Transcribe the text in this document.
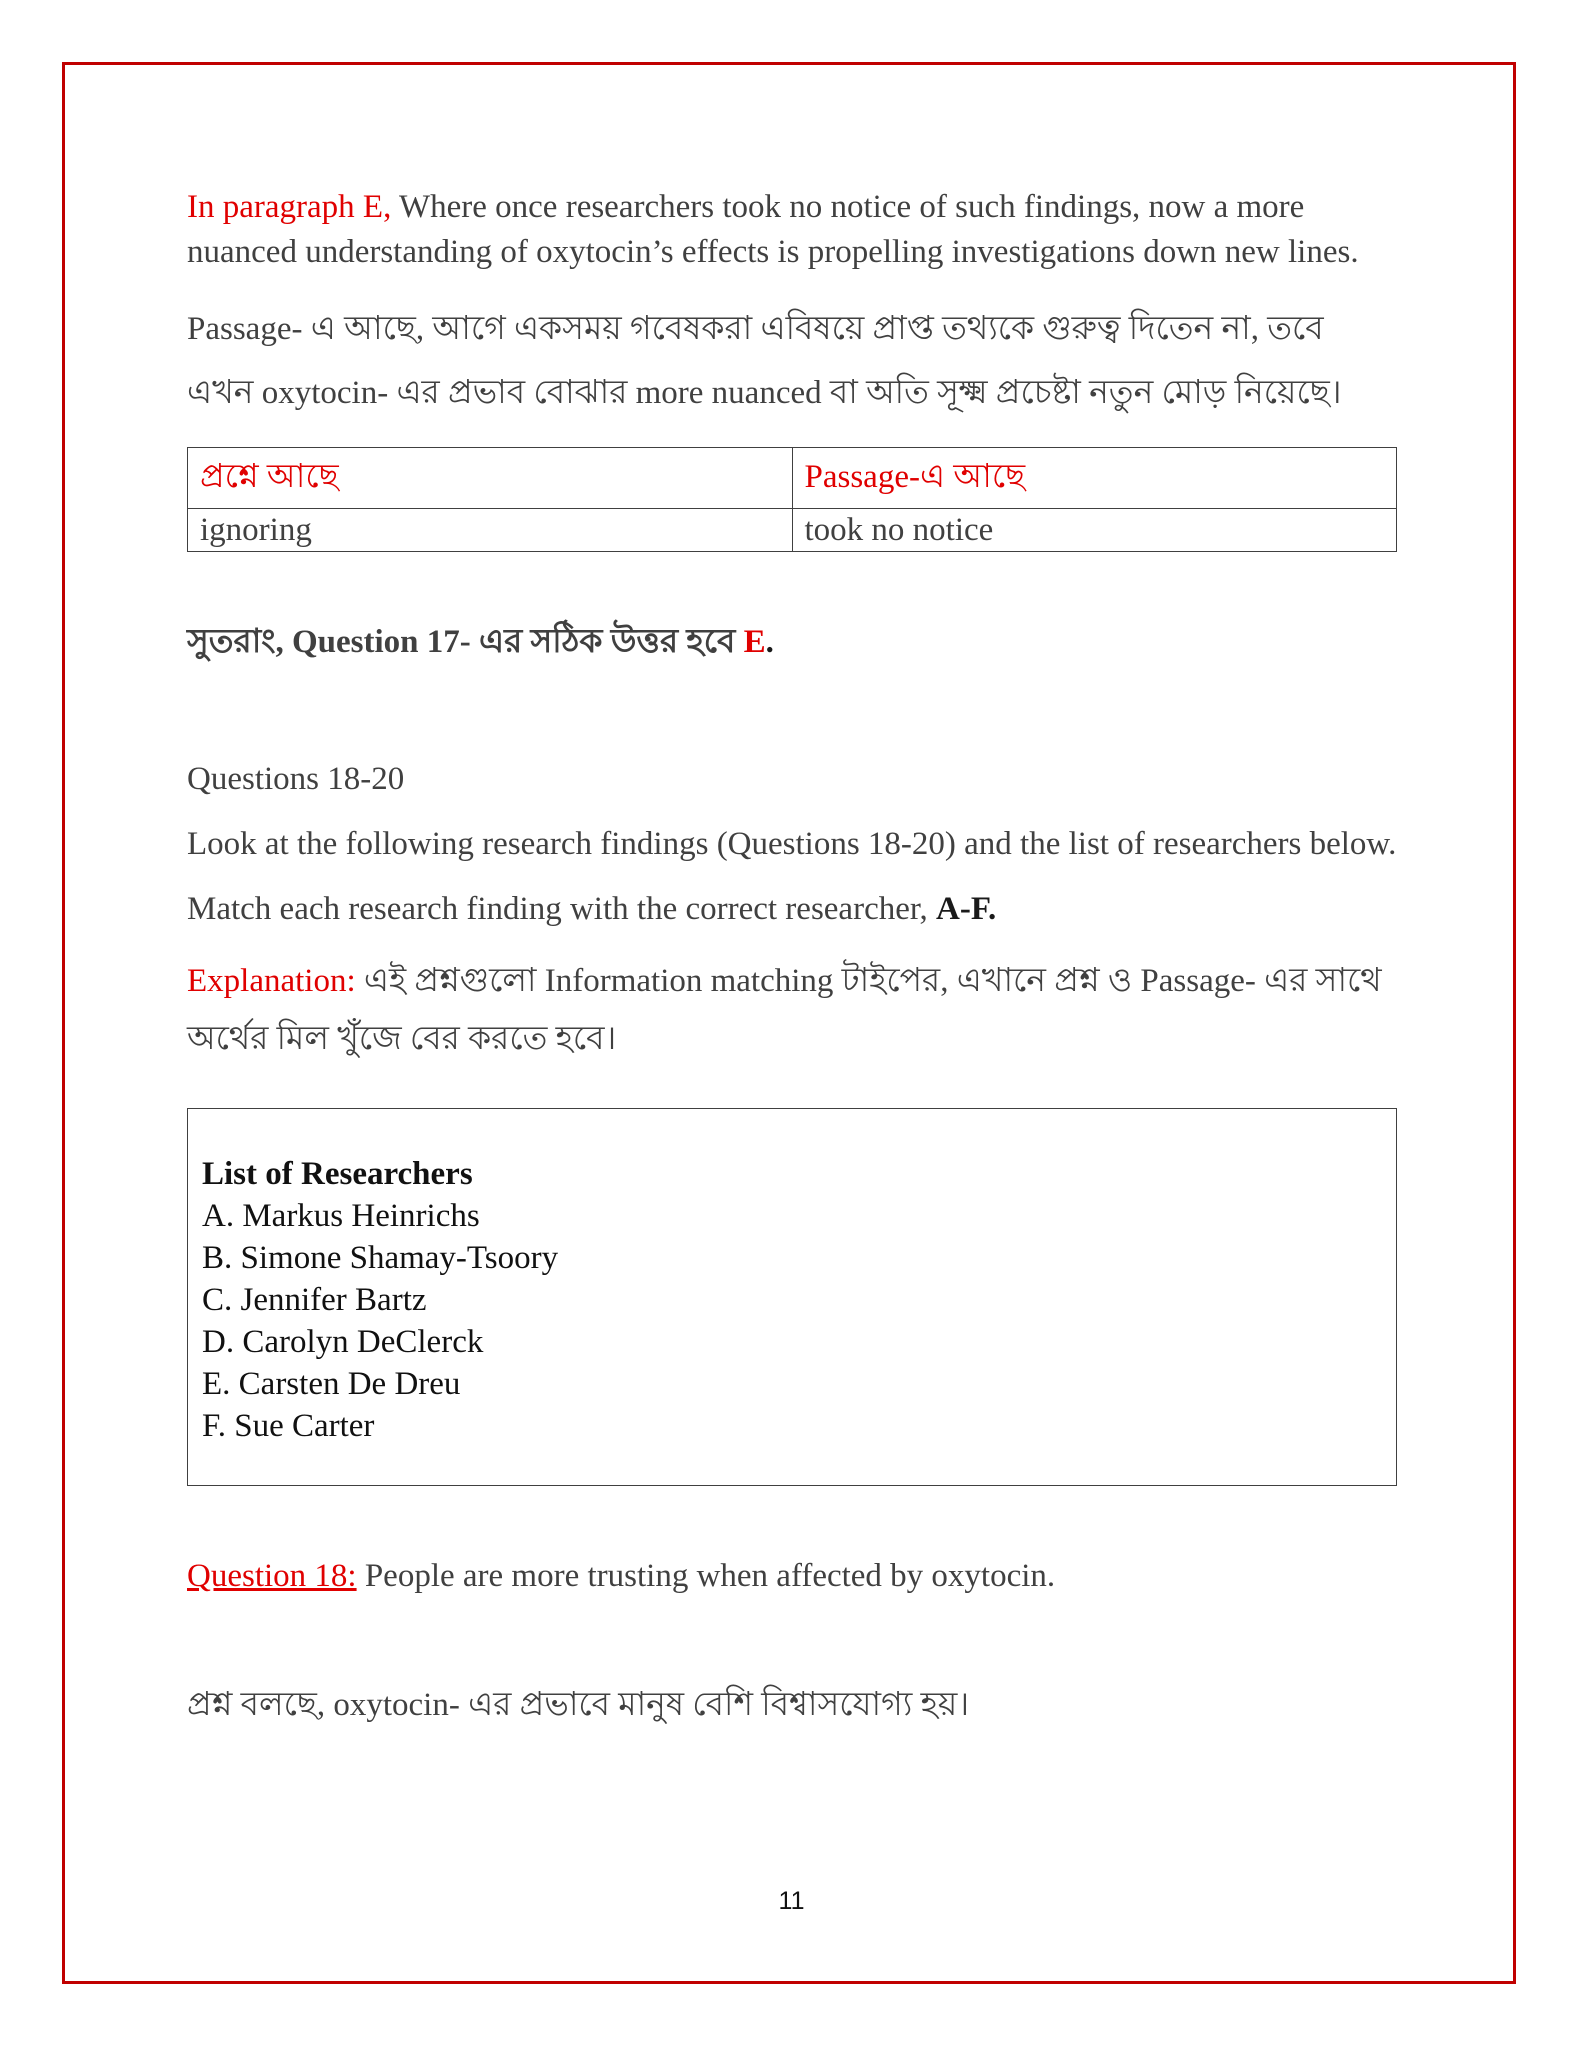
In paragraph E, Where once researchers took no notice of such findings, now a more nuanced understanding of oxytocin’s effects is propelling investigations down new lines.

Passage- এ আছে, আগে একসময় গবেষকরা এবিষয়ে প্রাপ্ত তথ্যকে গুরুত্ব দিতেন না, তবে এখন oxytocin- এর প্রভাব বোঝার more nuanced বা অতি সূক্ষ্ম প্রচেষ্টা নতুন মোড় নিয়েছে।

প্রশ্নে আছে	Passage-এ আছে
ignoring	took no notice

সুতরাং, Question 17- এর সঠিক উত্তর হবে E.

Questions 18-20

Look at the following research findings (Questions 18-20) and the list of researchers below.

Match each research finding with the correct researcher, A-F.

Explanation: এই প্রশ্নগুলো Information matching টাইপের, এখানে প্রশ্ন ও Passage- এর সাথে অর্থের মিল খুঁজে বের করতে হবে।

List of Researchers
A. Markus Heinrichs
B. Simone Shamay-Tsoory
C. Jennifer Bartz
D. Carolyn DeClerck
E. Carsten De Dreu
F. Sue Carter

Question 18: People are more trusting when affected by oxytocin.

প্রশ্ন বলছে, oxytocin- এর প্রভাবে মানুষ বেশি বিশ্বাসযোগ্য হয়।

11
